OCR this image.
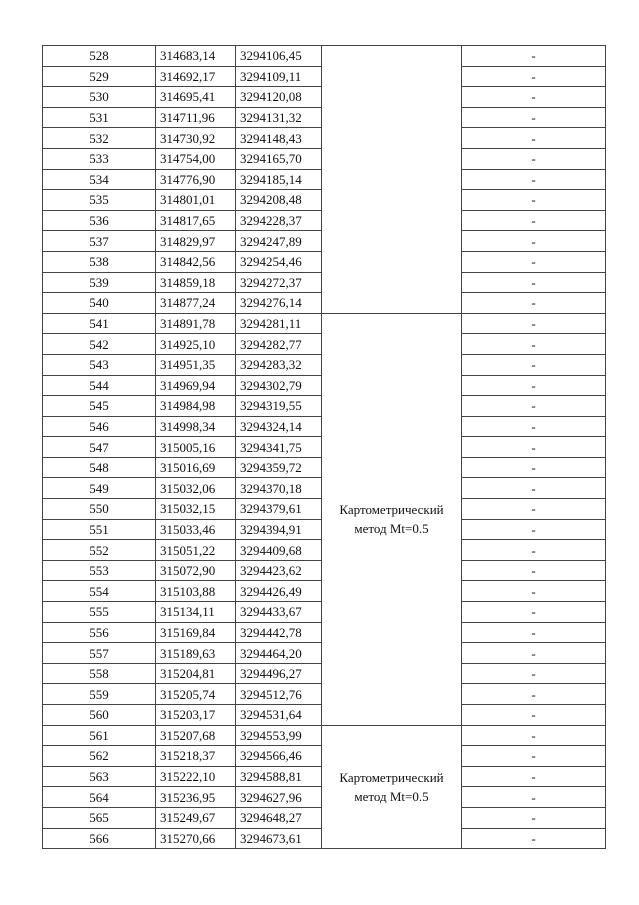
528	314683,14	3294106,45		-
529	314692,17	3294109,11		-
530	314695,41	3294120,08		-
531	314711,96	3294131,32		-
532	314730,92	3294148,43		-
533	314754,00	3294165,70		-
534	314776,90	3294185,14		-
535	314801,01	3294208,48		-
536	314817,65	3294228,37		-
537	314829,97	3294247,89		-
538	314842,56	3294254,46		-
539	314859,18	3294272,37		-
540	314877,24	3294276,14		-
541	314891,78	3294281,11	Картометрический метод Mt=0.5	-
542	314925,10	3294282,77		-
543	314951,35	3294283,32		-
544	314969,94	3294302,79		-
545	314984,98	3294319,55		-
546	314998,34	3294324,14		-
547	315005,16	3294341,75		-
548	315016,69	3294359,72		-
549	315032,06	3294370,18		-
550	315032,15	3294379,61		-
551	315033,46	3294394,91		-
552	315051,22	3294409,68		-
553	315072,90	3294423,62		-
554	315103,88	3294426,49		-
555	315134,11	3294433,67		-
556	315169,84	3294442,78		-
557	315189,63	3294464,20		-
558	315204,81	3294496,27		-
559	315205,74	3294512,76		-
560	315203,17	3294531,64		-
561	315207,68	3294553,99	Картометрический метод Mt=0.5	-
562	315218,37	3294566,46		-
563	315222,10	3294588,81		-
564	315236,95	3294627,96		-
565	315249,67	3294648,27		-
566	315270,66	3294673,61		-
